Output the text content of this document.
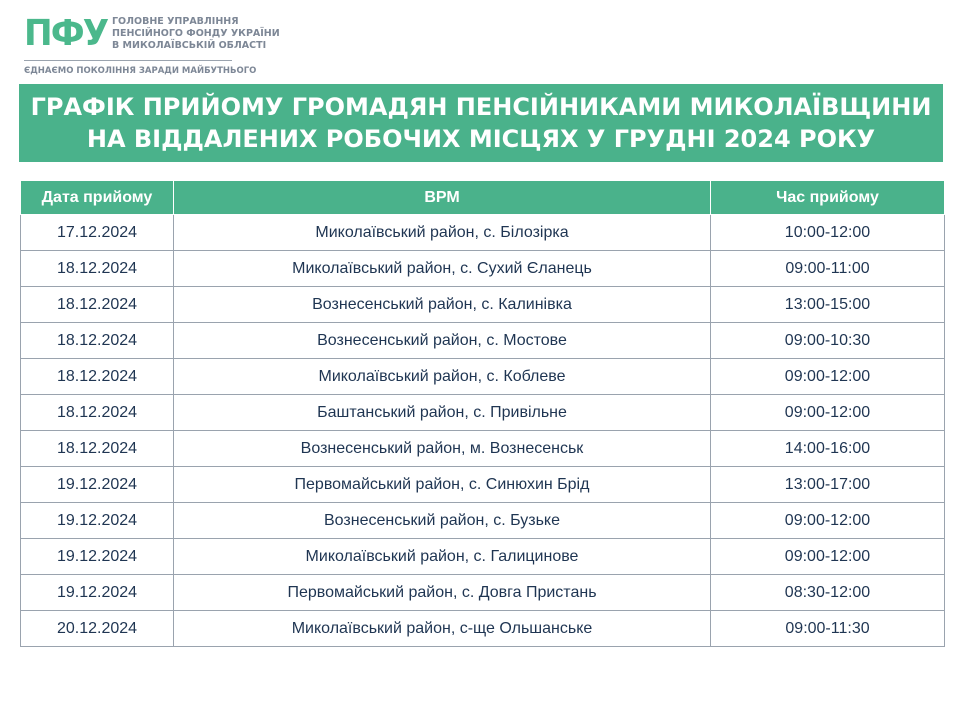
ПФУ ГОЛОВНЕ УПРАВЛІННЯ
ПЕНСІЙНОГО ФОНДУ УКРАЇНИ
В МИКОЛАЇВСЬКІЙ ОБЛАСТІ
ЄДНАЄМО ПОКОЛІННЯ ЗАРАДИ МАЙБУТНЬОГО
ГРАФІК ПРИЙОМУ ГРОМАДЯН ПЕНСІЙНИКАМИ МИКОЛАЇВЩИНИ
НА ВІДДАЛЕНИХ РОБОЧИХ МІСЦЯХ У ГРУДНІ 2024 РОКУ
Дата прийому	ВРМ	Час прийому
17.12.2024	Миколаївський район, с. Білозірка	10:00-12:00
18.12.2024	Миколаївський район, с. Сухий Єланець	09:00-11:00
18.12.2024	Вознесенський район, с. Калинівка	13:00-15:00
18.12.2024	Вознесенський район, с. Мостове	09:00-10:30
18.12.2024	Миколаївський район, с. Коблеве	09:00-12:00
18.12.2024	Баштанський район, с. Привільне	09:00-12:00
18.12.2024	Вознесенський район, м. Вознесенськ	14:00-16:00
19.12.2024	Первомайський район, с. Синюхин Брід	13:00-17:00
19.12.2024	Вознесенський район, с. Бузьке	09:00-12:00
19.12.2024	Миколаївський район, с. Галицинове	09:00-12:00
19.12.2024	Первомайський район, с. Довга Пристань	08:30-12:00
20.12.2024	Миколаївський район, с-ще Ольшанське	09:00-11:30
